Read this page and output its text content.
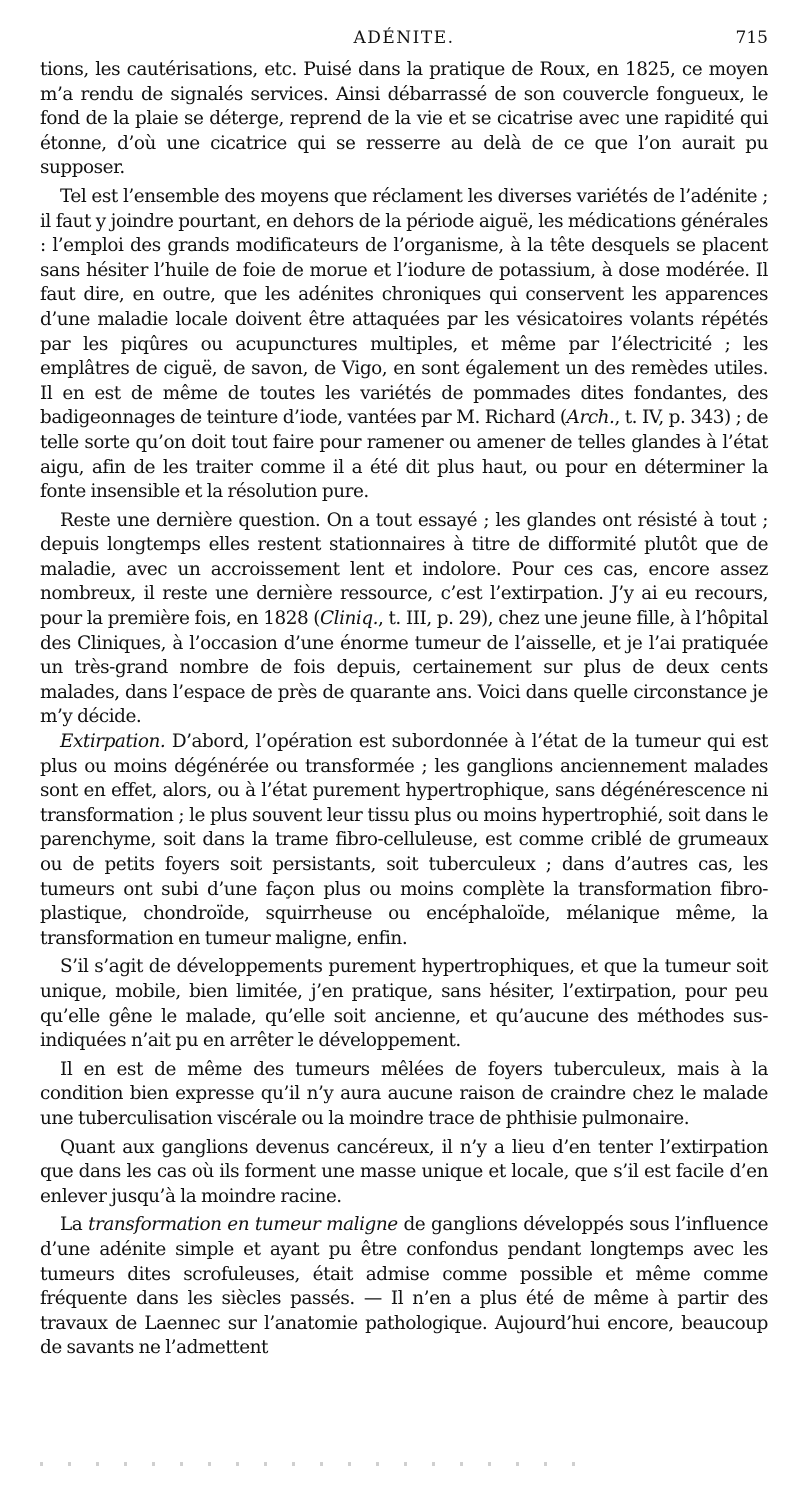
ADÉNITE.	715

tions, les cautérisations, etc. Puisé dans la pratique de Roux, en 1825, ce moyen m’a rendu de signalés services. Ainsi débarrassé de son couvercle fongueux, le fond de la plaie se déterge, reprend de la vie et se cicatrise avec une rapidité qui étonne, d’où une cicatrice qui se resserre au delà de ce que l’on aurait pu supposer.

Tel est l’ensemble des moyens que réclament les diverses variétés de l’adénite ; il faut y joindre pourtant, en dehors de la période aiguë, les médications générales : l’emploi des grands modificateurs de l’organisme, à la tête desquels se placent sans hésiter l’huile de foie de morue et l’iodure de potassium, à dose modérée. Il faut dire, en outre, que les adénites chroniques qui conservent les apparences d’une maladie locale doivent être attaquées par les vésicatoires volants répétés par les piqûres ou acupunctures multiples, et même par l’électricité ; les emplâtres de ciguë, de savon, de Vigo, en sont également un des remèdes utiles. Il en est de même de toutes les variétés de pommades dites fondantes, des badigeonnages de teinture d’iode, vantées par M. Richard (Arch., t. IV, p. 343) ; de telle sorte qu’on doit tout faire pour ramener ou amener de telles glandes à l’état aigu, afin de les traiter comme il a été dit plus haut, ou pour en déterminer la fonte insensible et la résolution pure.

Reste une dernière question. On a tout essayé ; les glandes ont résisté à tout ; depuis longtemps elles restent stationnaires à titre de difformité plutôt que de maladie, avec un accroissement lent et indolore. Pour ces cas, encore assez nombreux, il reste une dernière ressource, c’est l’extirpation. J’y ai eu recours, pour la première fois, en 1828 (Cliniq., t. III, p. 29), chez une jeune fille, à l’hôpital des Cliniques, à l’occasion d’une énorme tumeur de l’aisselle, et je l’ai pratiquée un très-grand nombre de fois depuis, certainement sur plus de deux cents malades, dans l’espace de près de quarante ans. Voici dans quelle circonstance je m’y décide.

Extirpation. D’abord, l’opération est subordonnée à l’état de la tumeur qui est plus ou moins dégénérée ou transformée ; les ganglions anciennement malades sont en effet, alors, ou à l’état purement hypertrophique, sans dégénérescence ni transformation ; le plus souvent leur tissu plus ou moins hypertrophié, soit dans le parenchyme, soit dans la trame fibro-celluleuse, est comme criblé de grumeaux ou de petits foyers soit persistants, soit tuberculeux ; dans d’autres cas, les tumeurs ont subi d’une façon plus ou moins complète la transformation fibro-plastique, chondroïde, squirrheuse ou encéphaloïde, mélanique même, la transformation en tumeur maligne, enfin.

S’il s’agit de développements purement hypertrophiques, et que la tumeur soit unique, mobile, bien limitée, j’en pratique, sans hésiter, l’extirpation, pour peu qu’elle gêne le malade, qu’elle soit ancienne, et qu’aucune des méthodes sus-indiquées n’ait pu en arrêter le développement.

Il en est de même des tumeurs mêlées de foyers tuberculeux, mais à la condition bien expresse qu’il n’y aura aucune raison de craindre chez le malade une tuberculisation viscérale ou la moindre trace de phthisie pulmonaire.

Quant aux ganglions devenus cancéreux, il n’y a lieu d’en tenter l’extirpation que dans les cas où ils forment une masse unique et locale, que s’il est facile d’en enlever jusqu’à la moindre racine.

La transformation en tumeur maligne de ganglions développés sous l’influence d’une adénite simple et ayant pu être confondus pendant longtemps avec les tumeurs dites scrofuleuses, était admise comme possible et même comme fréquente dans les siècles passés. — Il n’en a plus été de même à partir des travaux de Laennec sur l’anatomie pathologique. Aujourd’hui encore, beaucoup de savants ne l’admettent
